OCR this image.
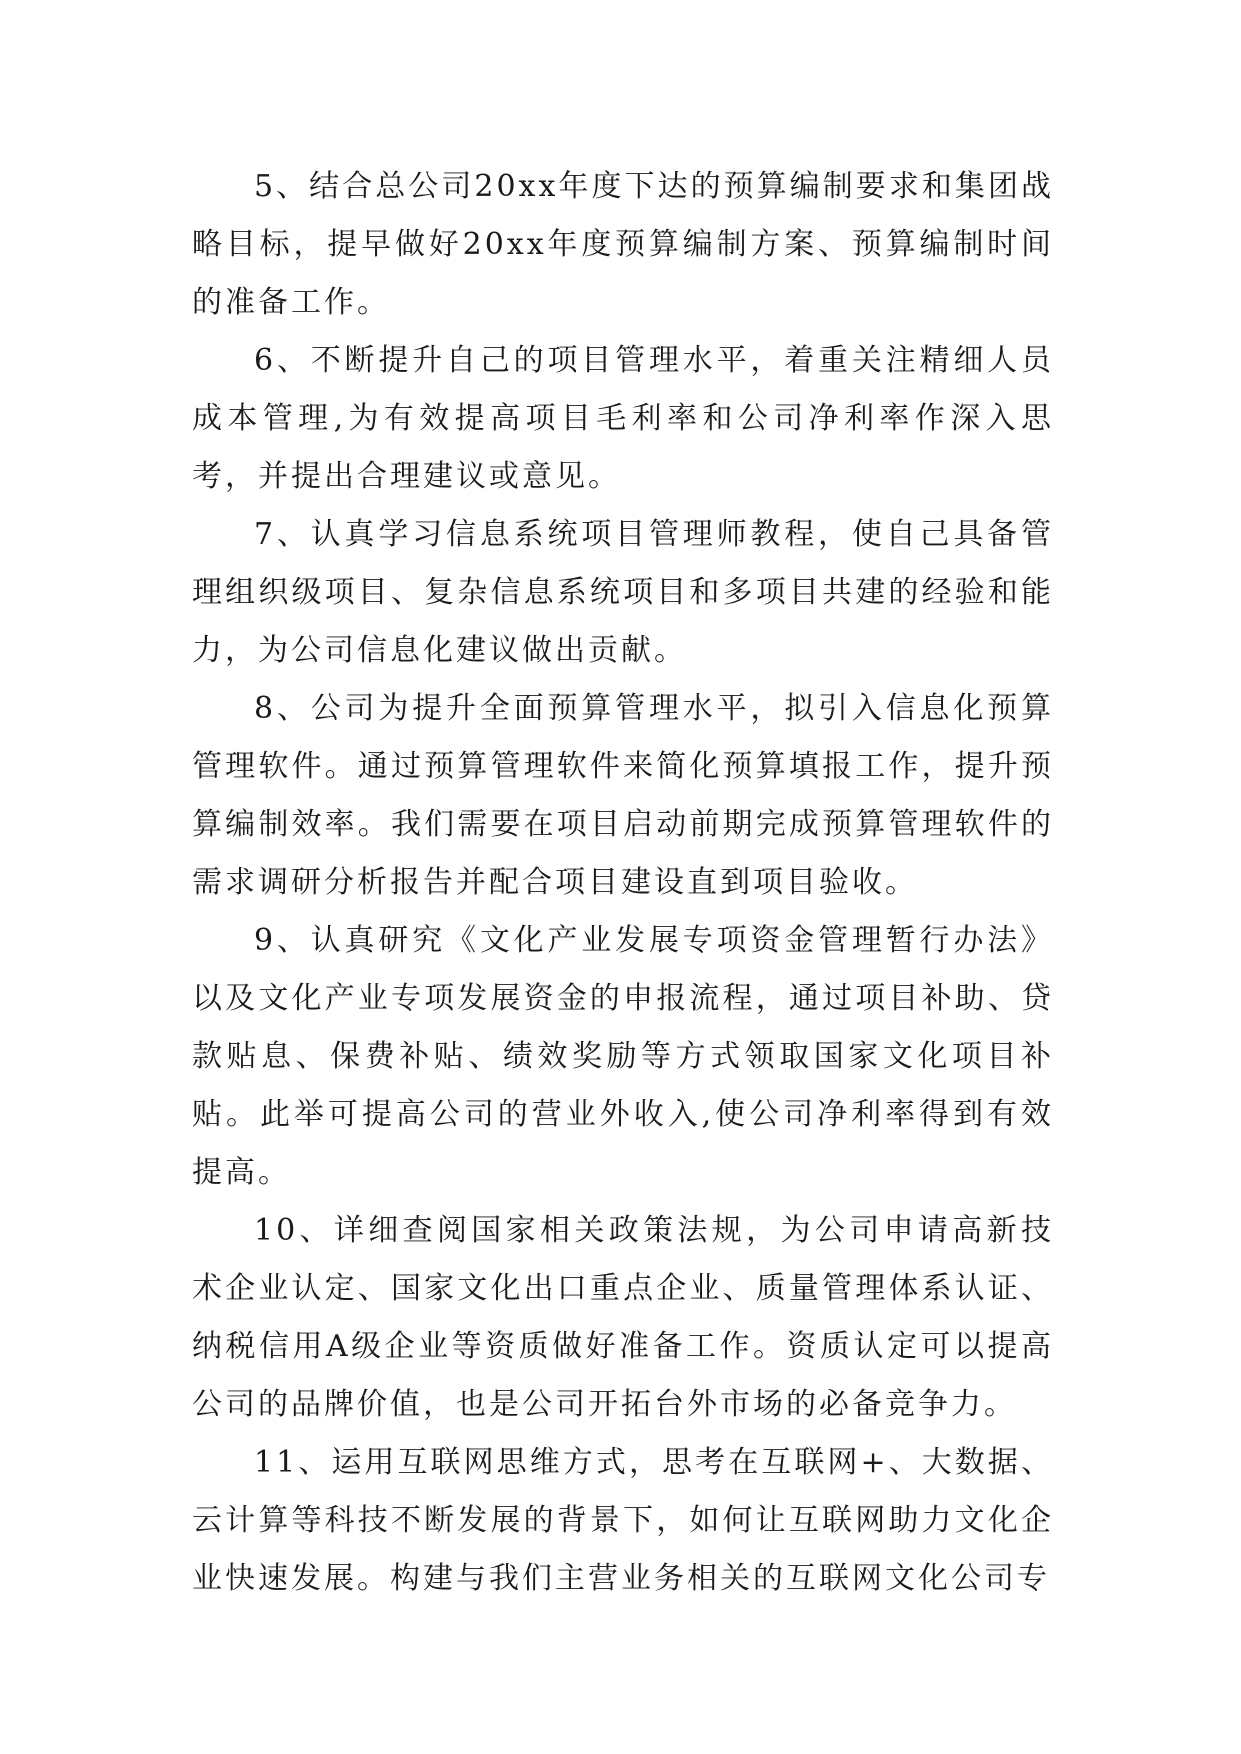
5、结合总公司20xx年度下达的预算编制要求和集团战略目标，提早做好20xx年度预算编制方案、预算编制时间的准备工作。

6、不断提升自己的项目管理水平，着重关注精细人员成本管理,为有效提高项目毛利率和公司净利率作深入思考，并提出合理建议或意见。

7、认真学习信息系统项目管理师教程，使自己具备管理组织级项目、复杂信息系统项目和多项目共建的经验和能力，为公司信息化建议做出贡献。

8、公司为提升全面预算管理水平，拟引入信息化预算管理软件。通过预算管理软件来简化预算填报工作，提升预算编制效率。我们需要在项目启动前期完成预算管理软件的需求调研分析报告并配合项目建设直到项目验收。

9、认真研究《文化产业发展专项资金管理暂行办法》以及文化产业专项发展资金的申报流程，通过项目补助、贷款贴息、保费补贴、绩效奖励等方式领取国家文化项目补贴。此举可提高公司的营业外收入,使公司净利率得到有效提高。

10、详细查阅国家相关政策法规，为公司申请高新技术企业认定、国家文化出口重点企业、质量管理体系认证、纳税信用A级企业等资质做好准备工作。资质认定可以提高公司的品牌价值，也是公司开拓台外市场的必备竞争力。

11、运用互联网思维方式，思考在互联网+、大数据、云计算等科技不断发展的背景下，如何让互联网助力文化企业快速发展。构建与我们主营业务相关的互联网文化公司专
